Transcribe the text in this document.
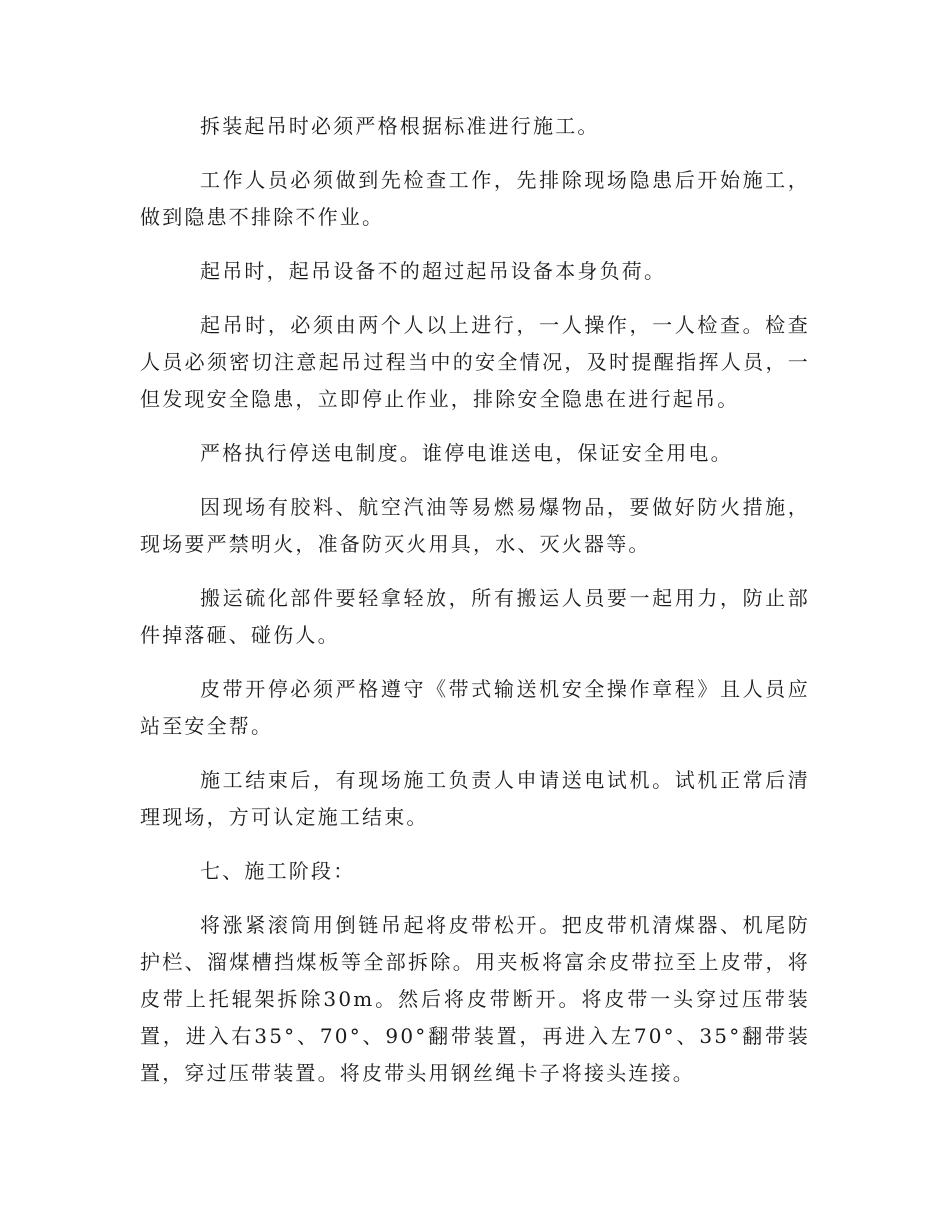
拆装起吊时必须严格根据标准进行施工。

工作人员必须做到先检查工作，先排除现场隐患后开始施工，做到隐患不排除不作业。

起吊时，起吊设备不的超过起吊设备本身负荷。

起吊时，必须由两个人以上进行，一人操作，一人检查。检查人员必须密切注意起吊过程当中的安全情况，及时提醒指挥人员，一但发现安全隐患，立即停止作业，排除安全隐患在进行起吊。

严格执行停送电制度。谁停电谁送电，保证安全用电。

因现场有胶料、航空汽油等易燃易爆物品，要做好防火措施，现场要严禁明火，准备防灭火用具，水、灭火器等。

搬运硫化部件要轻拿轻放，所有搬运人员要一起用力，防止部件掉落砸、碰伤人。

皮带开停必须严格遵守《带式输送机安全操作章程》且人员应站至安全帮。

施工结束后，有现场施工负责人申请送电试机。试机正常后清理现场，方可认定施工结束。

七、施工阶段：

将涨紧滚筒用倒链吊起将皮带松开。把皮带机清煤器、机尾防护栏、溜煤槽挡煤板等全部拆除。用夹板将富余皮带拉至上皮带，将皮带上托辊架拆除30m。然后将皮带断开。将皮带一头穿过压带装置，进入右35°、70°、90°翻带装置，再进入左70°、35°翻带装置，穿过压带装置。将皮带头用钢丝绳卡子将接头连接。
